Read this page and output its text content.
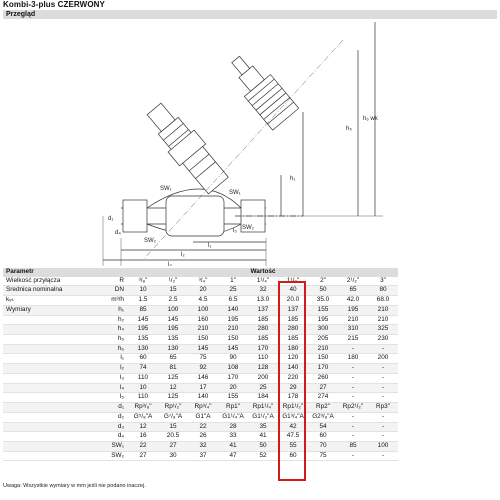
Kombi-3-plus CZERWONY
Przegląd
h₆ wk
h₅
h₁
SW₁
SW₁
SW₂
SW₂
d₁
d₄
l₁
l₂
l₃
l₅
Parametr		Wartość								
Wielkość przyłącza	R	³/₈"	¹/₂"	³/₄"	1"	1¹/₄"	1¹/₂"	2"	2¹/₂"	3"
Średnica nominalna	DN	10	15	20	25	32	40	50	65	80
kᵥₛ	m³/h	1.5	2.5	4.5	6.5	13.0	20.0	35.0	42.0	68.0
Wymiary	h₁	85	100	100	140	137	137	155	195	210
	h₂	145	145	160	195	185	185	195	210	210
	h₄	195	195	210	210	280	280	300	310	325
	h₅	135	135	150	150	185	185	205	215	230
	h₆	130	130	145	145	170	180	210	-	-
	l₁	60	65	75	90	110	120	150	180	200
	l₂	74	81	92	108	128	140	170	-	-
	l₃	110	125	146	170	200	220	260	-	-
	l₄	10	12	17	20	25	29	27	-	-
	l₅	110	125	140	155	184	178	274	-	-
	d₁	Rp³/₈"	Rp¹/₂"	Rp³/₄"	Rp1"	Rp1¹/₄"	Rp1¹/₂"	Rp2"	Rp2¹/₂"	Rp3"
	d₂	G⁵/₈"A	G⁷/₈"A	G1"A	G1¹/₄"A	G1¹/₂"A	G1³/₄"A	G2³/₈"A	-	-
	d₃	12	15	22	28	35	42	54	-	-
	d₄	16	20.5	26	33	41	47.5	60	-	-
	SW₁	22	27	32	41	50	55	70	85	100
	SW₂	27	30	37	47	52	60	75	-	-
Uwaga: Wszystkie wymiary w mm jeśli nie podano inaczej.
